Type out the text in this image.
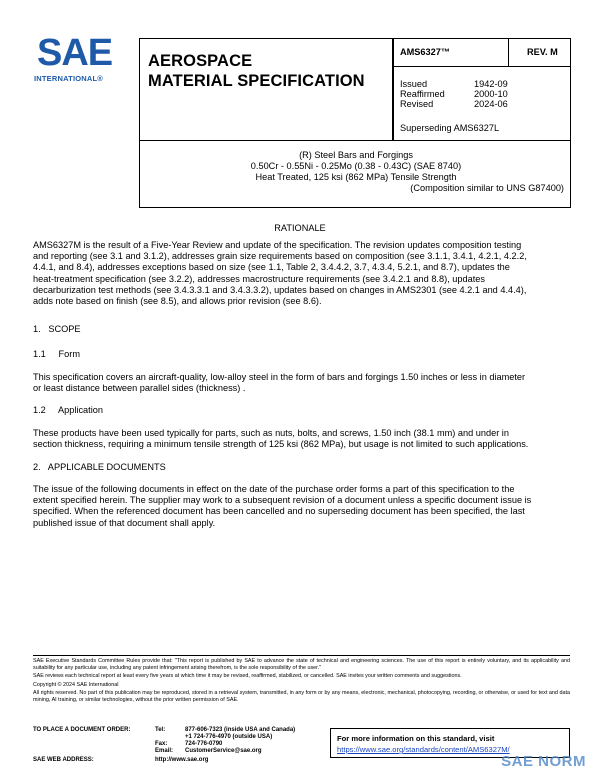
SAE
INTERNATIONAL®
AEROSPACE
MATERIAL SPECIFICATION
AMS6327™	REV. M
Issued	1942-09
Reaffirmed	2000-10
Revised	2024-06
Superseding AMS6327L
(R) Steel Bars and Forgings
0.50Cr - 0.55Ni - 0.25Mo (0.38 - 0.43C) (SAE 8740)
Heat Treated, 125 ksi (862 MPa) Tensile Strength
(Composition similar to UNS G87400)
RATIONALE
AMS6327M is the result of a Five-Year Review and update of the specification. The revision updates composition testing
and reporting (see 3.1 and 3.1.2), addresses grain size requirements based on composition (see 3.1.1, 3.4.1, 4.2.1, 4.2.2,
4.4.1, and 8.4), addresses exceptions based on size (see 1.1, Table 2, 3.4.4.2, 3.7, 4.3.4, 5.2.1, and 8.7), updates the
heat-treatment specification (see 3.2.2), addresses macrostructure requirements (see 3.4.2.1 and 8.8), updates
decarburization test methods (see 3.4.3.3.1 and 3.4.3.3.2), updates based on changes in AMS2301 (see 4.2.1 and 4.4.4),
adds note based on finish (see 8.5), and allows prior revision (see 8.6).
1.   SCOPE
1.1     Form
This specification covers an aircraft-quality, low-alloy steel in the form of bars and forgings 1.50 inches or less in diameter
or least distance between parallel sides (thickness) .
1.2     Application
These products have been used typically for parts, such as nuts, bolts, and screws, 1.50 inch (38.1 mm) and under in
section thickness, requiring a minimum tensile strength of 125 ksi (862 MPa), but usage is not limited to such applications.
2.   APPLICABLE DOCUMENTS
The issue of the following documents in effect on the date of the purchase order forms a part of this specification to the
extent specified herein. The supplier may work to a subsequent revision of a document unless a specific document issue is
specified. When the referenced document has been cancelled and no superseding document has been specified, the last
published issue of that document shall apply.
SAE Executive Standards Committee Rules provide that: "This report is published by SAE to advance the state of technical and engineering sciences. The use of this report is entirely voluntary, and its applicability and suitability for any particular use, including any patent infringement arising therefrom, is the sole responsibility of the user."
SAE reviews each technical report at least every five years at which time it may be revised, reaffirmed, stabilized, or cancelled. SAE invites your written comments and suggestions.
Copyright © 2024 SAE International
All rights reserved. No part of this publication may be reproduced, stored in a retrieval system, transmitted, in any form or by any means, electronic, mechanical, photocopying, recording, or otherwise, or used for text and data mining, AI training, or similar technologies, without the prior written permission of SAE.
TO PLACE A DOCUMENT ORDER:	Tel:	877-606-7323 (inside USA and Canada)
+1 724-776-4970 (outside USA)
Fax:	724-776-0790
Email: CustomerService@sae.org
SAE WEB ADDRESS:	http://www.sae.org
For more information on this standard, visit
https://www.sae.org/standards/content/AMS6327M/
SAE NORM
